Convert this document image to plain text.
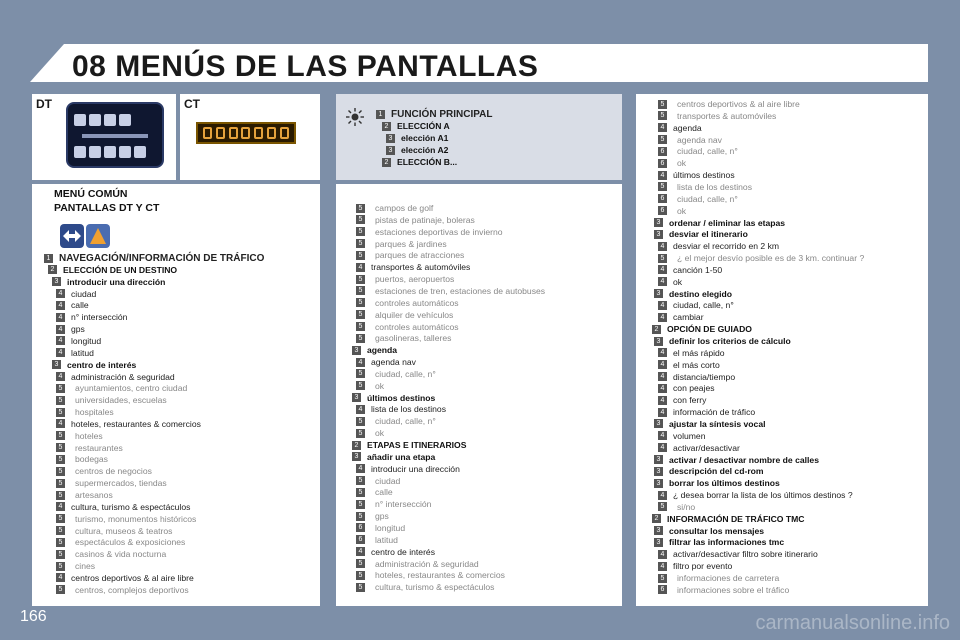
08 MENÚS DE LAS PANTALLAS
DT	CT
MENÚ COMÚN
PANTALLAS DT Y CT
1 NAVEGACIÓN/INFORMACIÓN DE TRÁFICO
2 ELECCIÓN DE UN DESTINO
3 introducir una dirección
4 ciudad
4 calle
4 n° intersección
4 gps
4 longitud
4 latitud
3 centro de interés
4 administración & seguridad
5 ayuntamientos, centro ciudad
5 universidades, escuelas
5 hospitales
4 hoteles, restaurantes & comercios
5 hoteles
5 restaurantes
5 bodegas
5 centros de negocios
5 supermercados, tiendas
5 artesanos
4 cultura, turismo & espectáculos
5 turismo, monumentos históricos
5 cultura, museos & teatros
5 espectáculos & exposiciones
5 casinos & vida nocturna
5 cines
4 centros deportivos & al aire libre
5 centros, complejos deportivos
1 FUNCIÓN PRINCIPAL
2 ELECCIÓN A
3 elección A1
3 elección A2
2 ELECCIÓN B...
5 campos de golf
5 pistas de patinaje, boleras
5 estaciones deportivas de invierno
5 parques & jardines
5 parques de atracciones
4 transportes & automóviles
5 puertos, aeropuertos
5 estaciones de tren, estaciones de autobuses
5 controles automáticos
5 alquiler de vehículos
5 controles automáticos
5 gasolineras, talleres
3 agenda
4 agenda nav
5 ciudad, calle, n°
5 ok
3 últimos destinos
4 lista de los destinos
5 ciudad, calle, n°
5 ok
2 ETAPAS E ITINERARIOS
3 añadir una etapa
4 introducir una dirección
5 ciudad
5 calle
5 n° intersección
5 gps
6 longitud
6 latitud
4 centro de interés
5 administración & seguridad
5 hoteles, restaurantes & comercios
5 cultura, turismo & espectáculos
5 centros deportivos & al aire libre
5 transportes & automóviles
4 agenda
5 agenda nav
6 ciudad, calle, n°
6 ok
4 últimos destinos
5 lista de los destinos
6 ciudad, calle, n°
6 ok
3 ordenar / eliminar las etapas
3 desviar el itinerario
4 desviar el recorrido en 2 km
5 ¿ el mejor desvío posible es de 3 km. continuar ?
4 canción 1-50
4 ok
3 destino elegido
4 ciudad, calle, n°
4 cambiar
2 OPCIÓN DE GUIADO
3 definir los criterios de cálculo
4 el más rápido
4 el más corto
4 distancia/tiempo
4 con peajes
4 con ferry
4 información de tráfico
3 ajustar la síntesis vocal
4 volumen
4 activar/desactivar
3 activar / desactivar nombre de calles
3 descripción del cd-rom
3 borrar los últimos destinos
4 ¿ desea borrar la lista de los últimos destinos ?
5 si/no
2 INFORMACIÓN DE TRÁFICO TMC
3 consultar los mensajes
3 filtrar las informaciones tmc
4 activar/desactivar filtro sobre itinerario
4 filtro por evento
5 informaciones de carretera
6 informaciones sobre el tráfico
166	carmanualsonline.info
